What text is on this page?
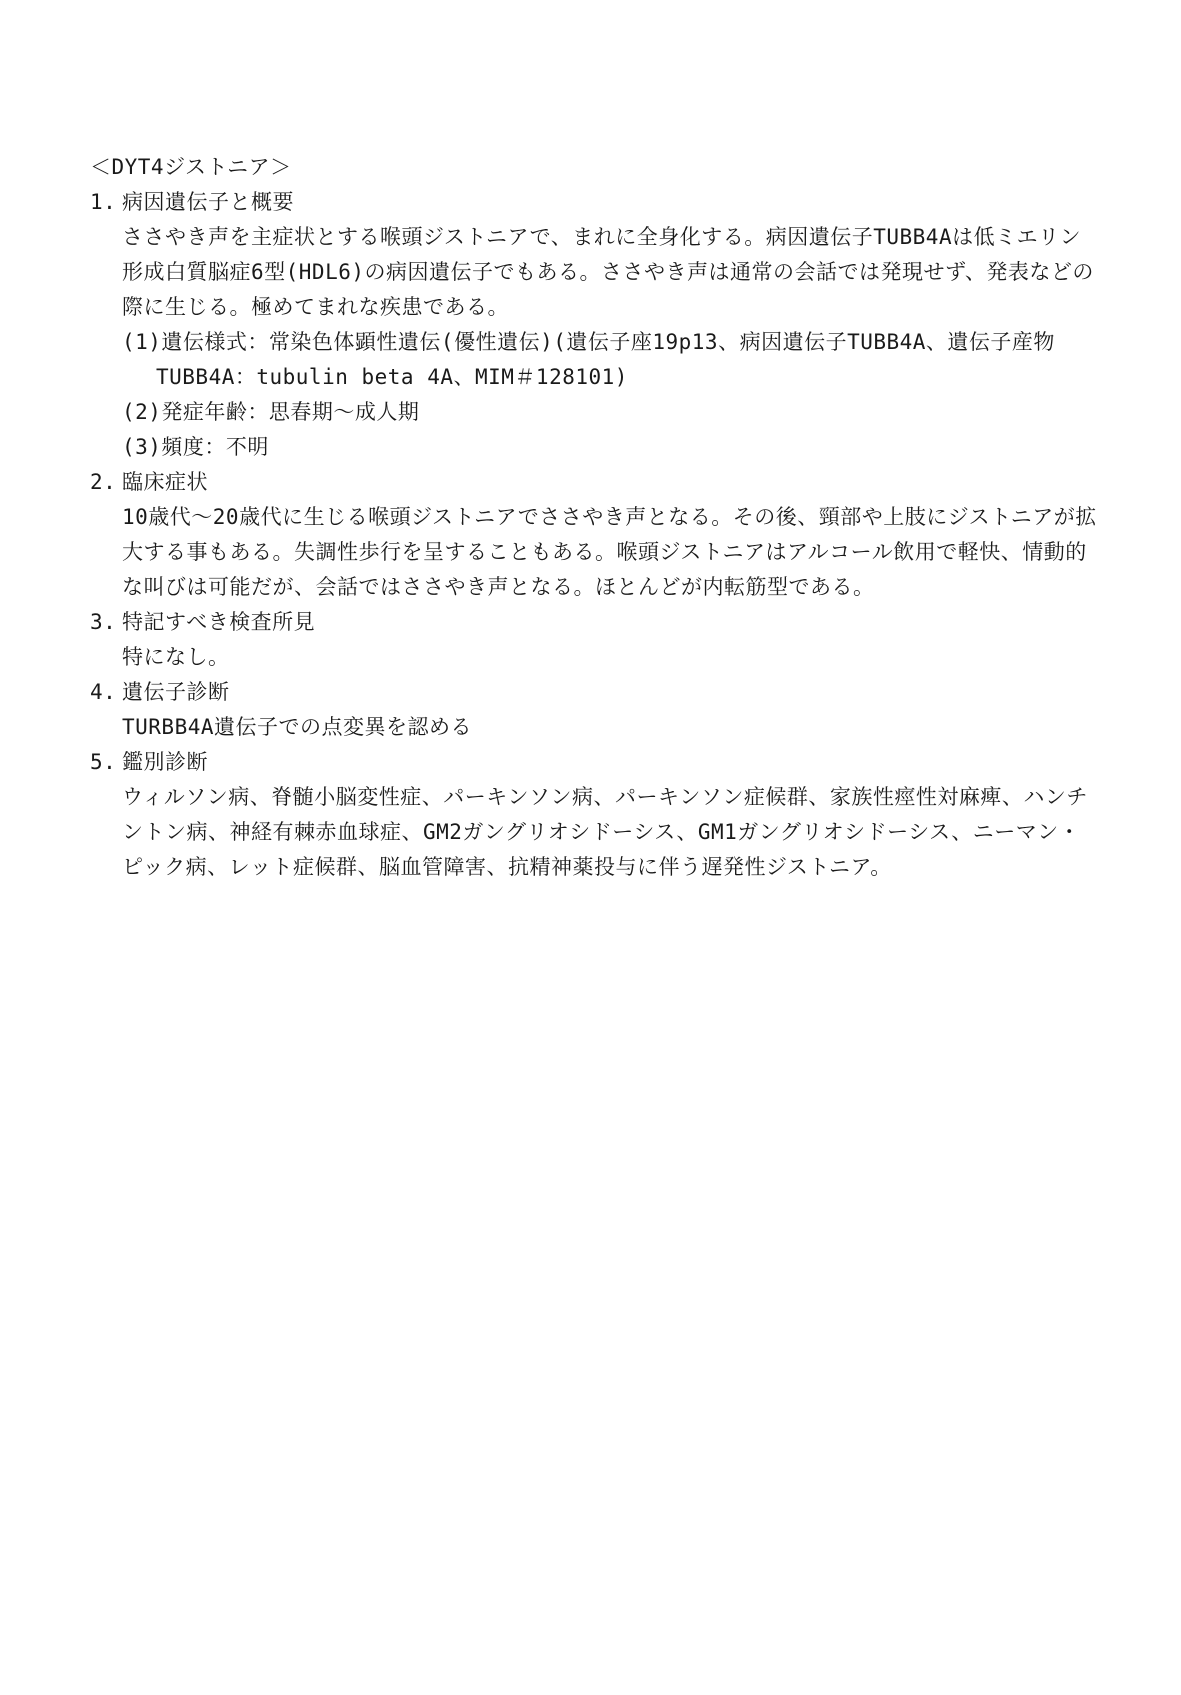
＜DYT4ジストニア＞

1. 病因遺伝子と概要

ささやき声を主症状とする喉頭ジストニアで、まれに全身化する。病因遺伝子TUBB4Aは低ミエリン形成白質脳症6型(HDL6)の病因遺伝子でもある。ささやき声は通常の会話では発現せず、発表などの際に生じる。極めてまれな疾患である。

(1)遺伝様式：常染色体顕性遺伝(優性遺伝)(遺伝子座19p13、病因遺伝子TUBB4A、遺伝子産物TUBB4A：tubulin beta 4A、MIM＃128101)

(2)発症年齢：思春期〜成人期

(3)頻度：不明

2. 臨床症状

10歳代〜20歳代に生じる喉頭ジストニアでささやき声となる。その後、頸部や上肢にジストニアが拡大する事もある。失調性歩行を呈することもある。喉頭ジストニアはアルコール飲用で軽快、情動的な叫びは可能だが、会話ではささやき声となる。ほとんどが内転筋型である。

3. 特記すべき検査所見

特になし。

4. 遺伝子診断

TURBB4A遺伝子での点変異を認める

5. 鑑別診断

ウィルソン病、脊髄小脳変性症、パーキンソン病、パーキンソン症候群、家族性痙性対麻痺、ハンチントン病、神経有棘赤血球症、GM2ガングリオシドーシス、GM1ガングリオシドーシス、ニーマン・ピック病、レット症候群、脳血管障害、抗精神薬投与に伴う遅発性ジストニア。
